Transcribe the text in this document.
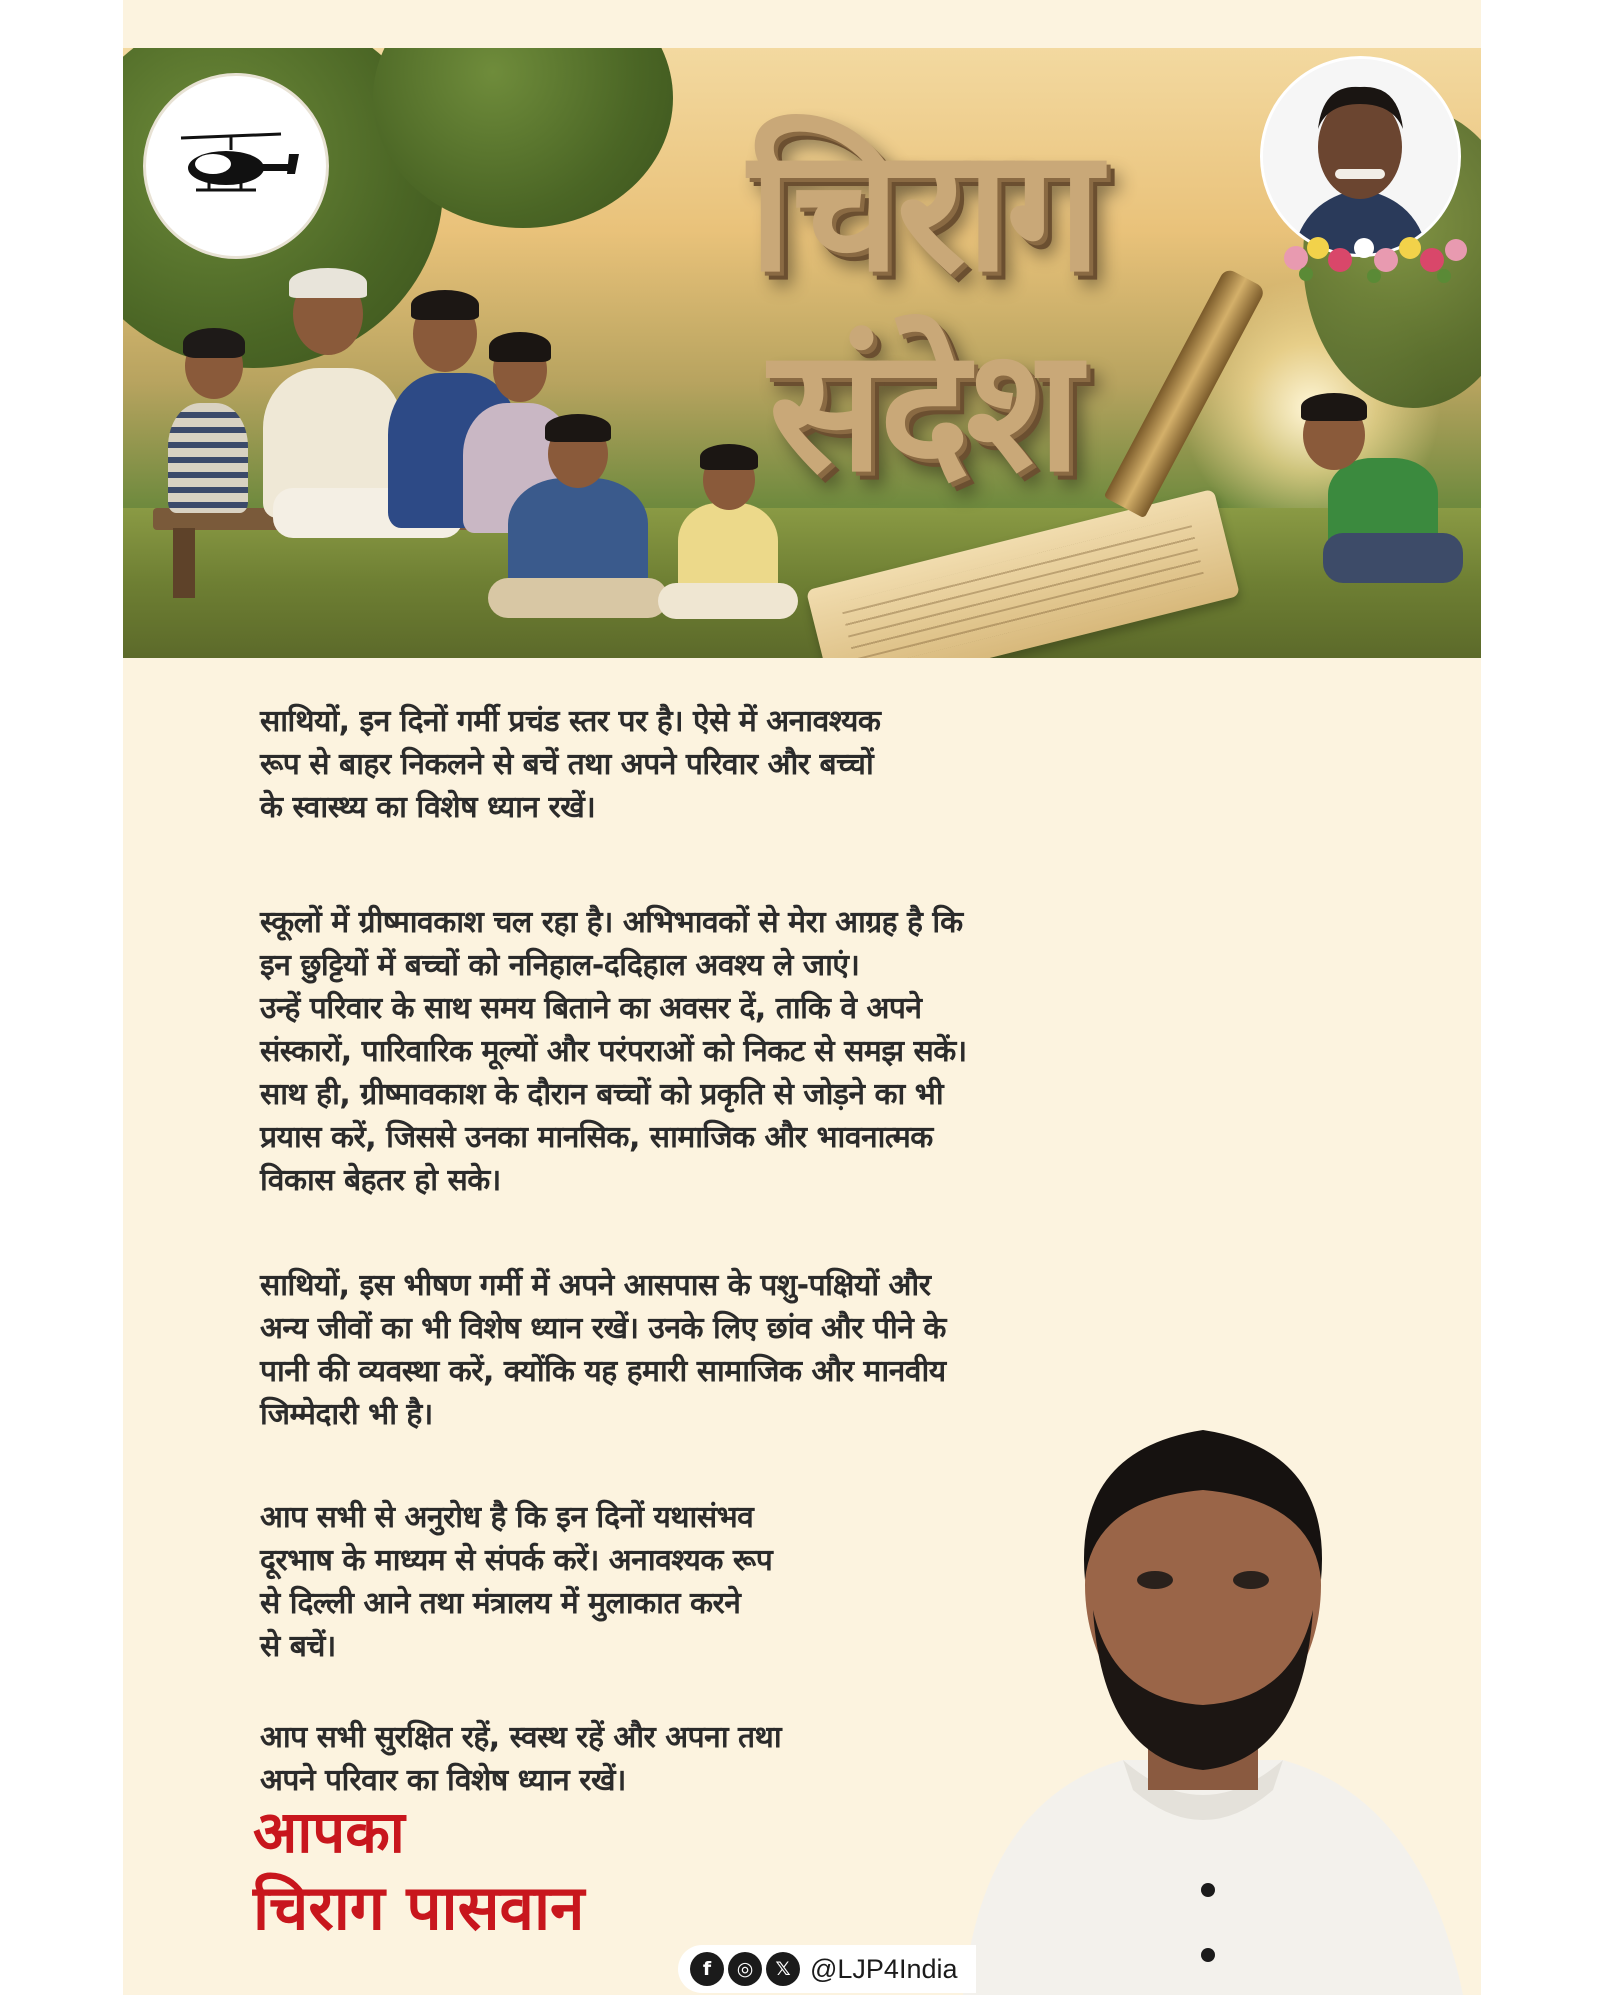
चिराग
संदेश

साथियों, इन दिनों गर्मी प्रचंड स्तर पर है। ऐसे में अनावश्यक
रूप से बाहर निकलने से बचें तथा अपने परिवार और बच्चों
के स्वास्थ्य का विशेष ध्यान रखें।

स्कूलों में ग्रीष्मावकाश चल रहा है। अभिभावकों से मेरा आग्रह है कि
इन छुट्टियों में बच्चों को ननिहाल-ददिहाल अवश्य ले जाएं।
उन्हें परिवार के साथ समय बिताने का अवसर दें, ताकि वे अपने
संस्कारों, पारिवारिक मूल्यों और परंपराओं को निकट से समझ सकें।
साथ ही, ग्रीष्मावकाश के दौरान बच्चों को प्रकृति से जोड़ने का भी
प्रयास करें, जिससे उनका मानसिक, सामाजिक और भावनात्मक
विकास बेहतर हो सके।

साथियों, इस भीषण गर्मी में अपने आसपास के पशु-पक्षियों और
अन्य जीवों का भी विशेष ध्यान रखें। उनके लिए छांव और पीने के
पानी की व्यवस्था करें, क्योंकि यह हमारी सामाजिक और मानवीय
जिम्मेदारी भी है।

आप सभी से अनुरोध है कि इन दिनों यथासंभव
दूरभाष के माध्यम से संपर्क करें। अनावश्यक रूप
से दिल्ली आने तथा मंत्रालय में मुलाकात करने
से बचें।

आप सभी सुरक्षित रहें, स्वस्थ रहें और अपना तथा
अपने परिवार का विशेष ध्यान रखें।

आपका
चिराग पासवान
f	◎	𝕏 @LJP4India
